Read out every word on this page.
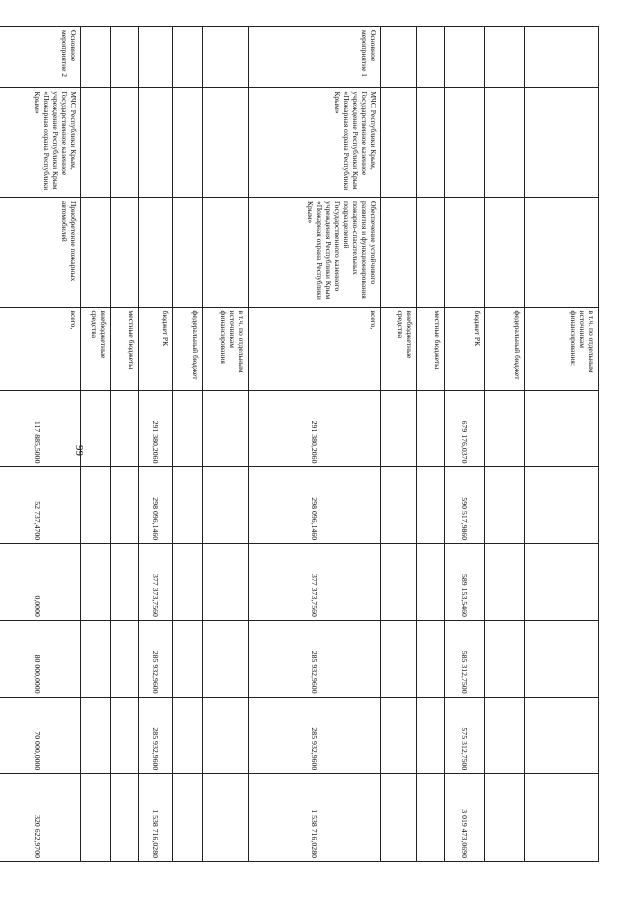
99
			в т.ч. по отдельным источникам финансирования:						
			федеральный бюджет						
			бюджет РК	679 176,0370	590 517,9860	589 153,5460	585 312,7500	575 312,7500	3 019 473,0690
			местные бюджеты						
			внебюджетные средства						
Основное мероприятие 1	МЧС Республики Крым, Государственное казенное учреждение Республики Крым «Пожарная охрана Республики Крым»	Обеспечение устойчивого развития и функционирования пожарно-спасательных подразделений Государственного казенного учреждения Республики Крым «Пожарная охрана Республики Крым»	всего,	291 380,2060	298 096,1460	377 373,7560	285 932,9600	285 932,9600	1 538 716,0280
			в т.ч. по отдельным источникам финансирования						
			федеральный бюджет						
			бюджет РК	291 380,2060	298 096,1460	377 373,7560	285 932,9600	285 932,9600	1 538 716,0280
			местные бюджеты						
			внебюджетные средства						
Основное мероприятие 2	МЧС Республики Крым, Государственное казенное учреждение Республики Крым «Пожарная охрана Республики Крым»	Приобретение пожарных автомобилей	всего,	117 885,5000	52 737,4700	0,0000	80 000,0000	70 000,0000	320 622,9700
